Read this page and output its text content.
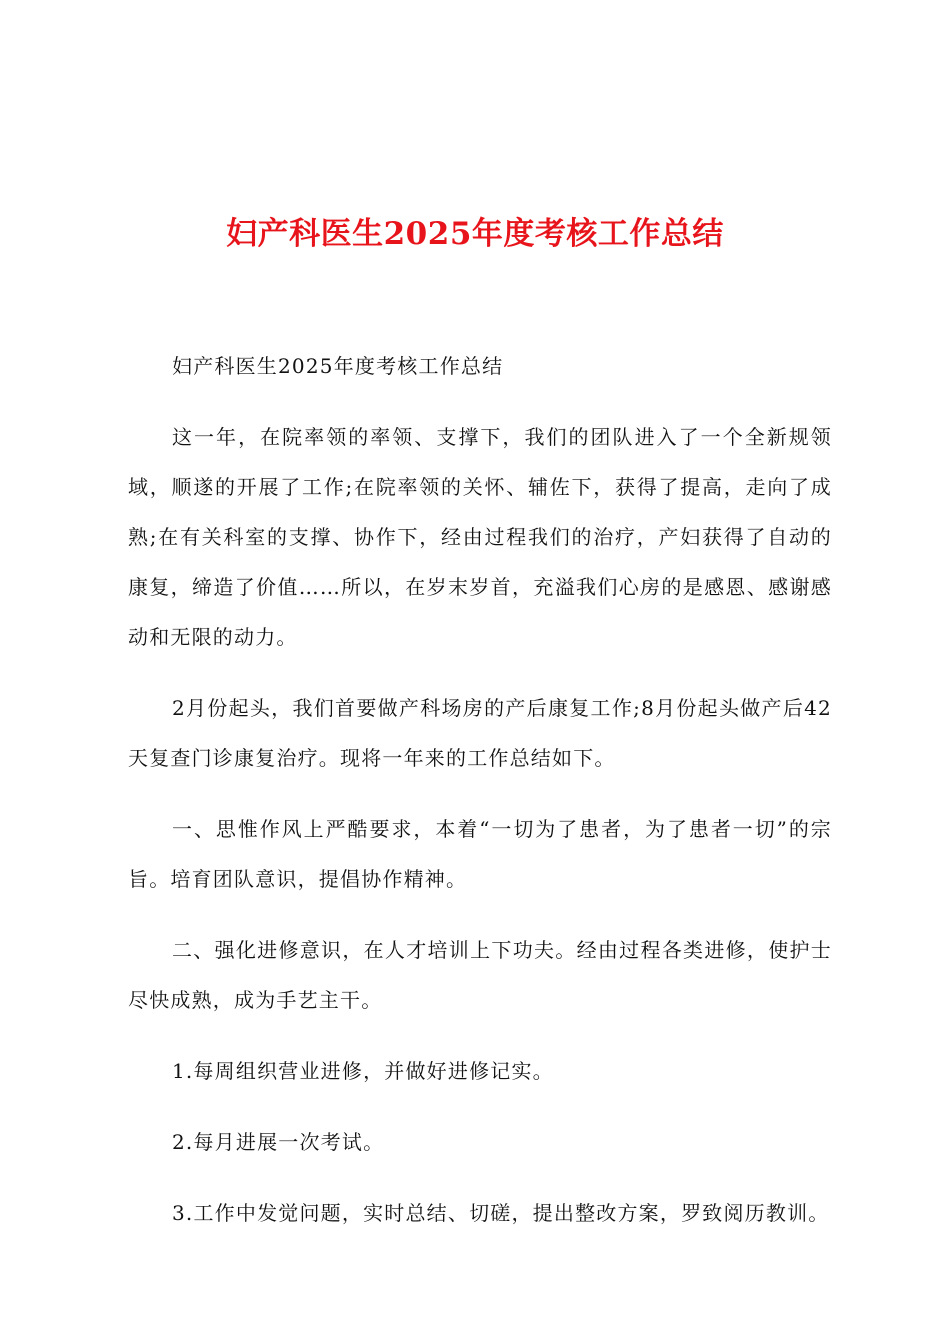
妇产科医生2025年度考核工作总结

妇产科医生2025年度考核工作总结

这一年，在院率领的率领、支撑下，我们的团队进入了一个全新规领域，顺遂的开展了工作;在院率领的关怀、辅佐下，获得了提高，走向了成熟;在有关科室的支撑、协作下，经由过程我们的治疗，产妇获得了自动的康复，缔造了价值……所以，在岁末岁首，充溢我们心房的是感恩、感谢感动和无限的动力。

2月份起头，我们首要做产科场房的产后康复工作;8月份起头做产后42天复查门诊康复治疗。现将一年来的工作总结如下。

一、思惟作风上严酷要求，本着“一切为了患者，为了患者一切”的宗旨。培育团队意识，提倡协作精神。

二、强化进修意识，在人才培训上下功夫。经由过程各类进修，使护士尽快成熟，成为手艺主干。

1.每周组织营业进修，并做好进修记实。

2.每月进展一次考试。

3.工作中发觉问题，实时总结、切磋，提出整改方案，罗致阅历教训。
